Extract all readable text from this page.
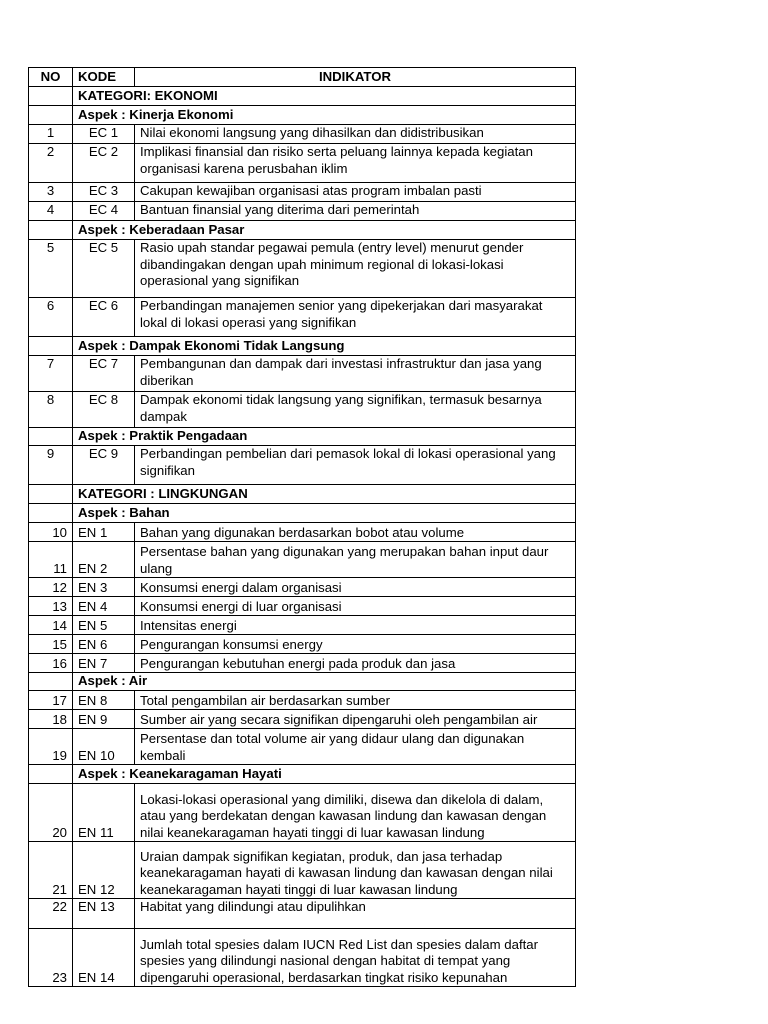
NO	KODE	INDIKATOR
	KATEGORI: EKONOMI	
	Aspek : Kinerja Ekonomi	
1	EC 1	Nilai ekonomi langsung yang dihasilkan dan didistribusikan
2	EC 2	Implikasi finansial dan risiko serta peluang lainnya kepada kegiatan organisasi karena perusbahan iklim
3	EC 3	Cakupan kewajiban organisasi atas program imbalan pasti
4	EC 4	Bantuan finansial yang diterima dari pemerintah
	Aspek : Keberadaan Pasar	
5	EC 5	Rasio upah standar pegawai pemula (entry level) menurut gender dibandingakan dengan upah minimum regional di lokasi-lokasi operasional yang signifikan
6	EC 6	Perbandingan manajemen senior yang dipekerjakan dari masyarakat lokal di lokasi operasi yang signifikan
	Aspek : Dampak Ekonomi Tidak Langsung	
7	EC 7	Pembangunan dan dampak dari investasi infrastruktur dan jasa yang diberikan
8	EC 8	Dampak ekonomi tidak langsung yang signifikan, termasuk besarnya dampak
	Aspek : Praktik Pengadaan	
9	EC 9	Perbandingan pembelian dari pemasok lokal di lokasi operasional yang signifikan
	KATEGORI : LINGKUNGAN	
	Aspek : Bahan	
10	EN 1	Bahan yang digunakan berdasarkan bobot atau volume
11	EN 2	Persentase bahan yang digunakan yang merupakan bahan input daur ulang
12	EN 3	Konsumsi energi dalam organisasi
13	EN 4	Konsumsi energi di luar organisasi
14	EN 5	Intensitas energi
15	EN 6	Pengurangan konsumsi energy
16	EN 7	Pengurangan kebutuhan energi pada produk dan jasa
	Aspek : Air	
17	EN 8	Total pengambilan air berdasarkan sumber
18	EN 9	Sumber air yang secara signifikan dipengaruhi oleh pengambilan air
19	EN 10	Persentase dan total volume air yang didaur ulang dan digunakan kembali
	Aspek : Keanekaragaman Hayati	
20	EN 11	Lokasi-lokasi operasional yang dimiliki, disewa dan dikelola di dalam, atau yang berdekatan dengan kawasan lindung dan kawasan dengan nilai keanekaragaman hayati tinggi di luar kawasan lindung
21	EN 12	Uraian dampak signifikan kegiatan, produk, dan jasa terhadap keanekaragaman hayati di kawasan lindung dan kawasan dengan nilai keanekaragaman hayati tinggi di luar kawasan lindung
22	EN 13	Habitat yang dilindungi atau dipulihkan
23	EN 14	Jumlah total spesies dalam IUCN Red List dan spesies dalam daftar spesies yang dilindungi nasional dengan habitat di tempat yang dipengaruhi operasional, berdasarkan tingkat risiko kepunahan
